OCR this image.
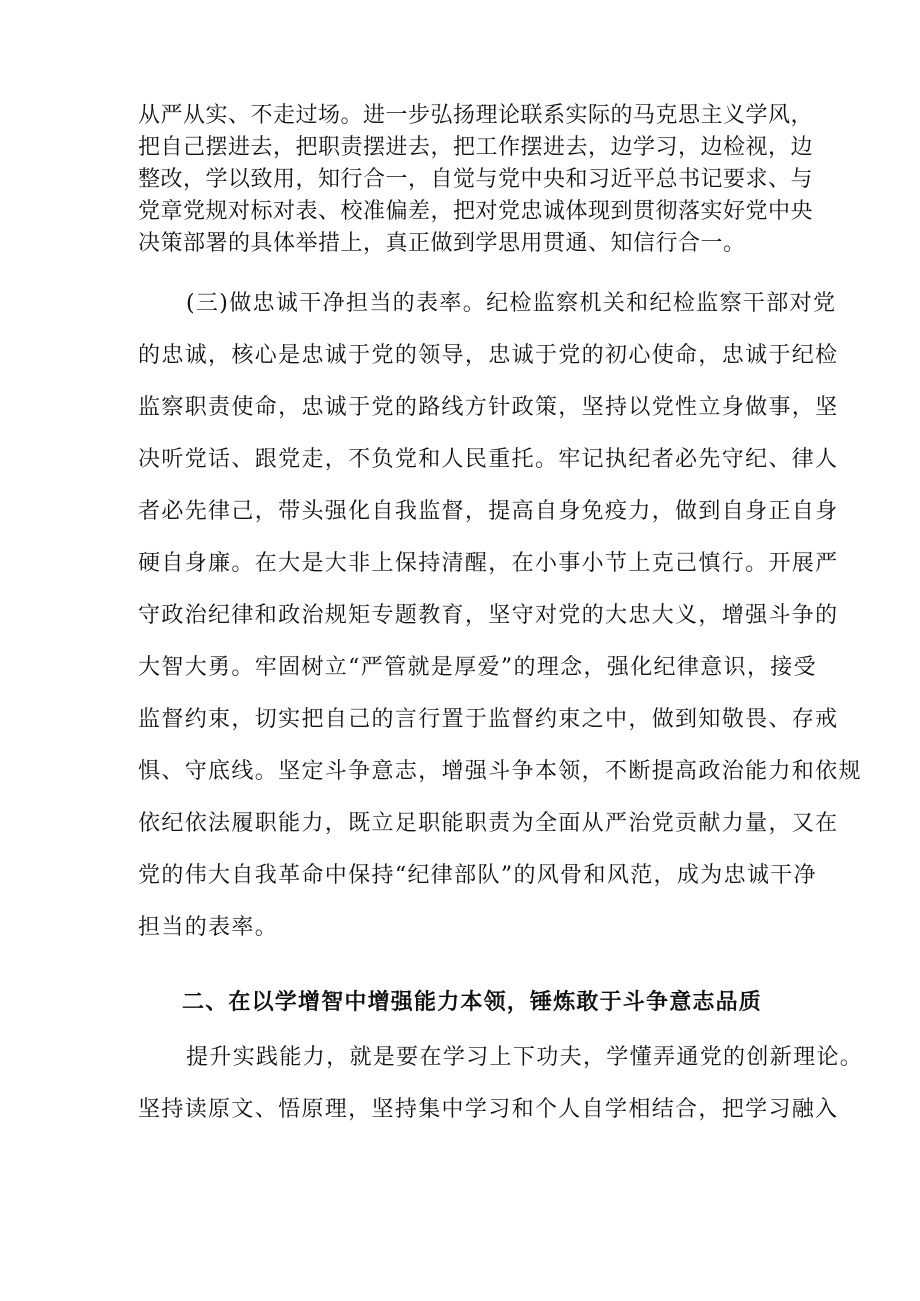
从严从实、不走过场。进一步弘扬理论联系实际的马克思主义学风，
把自己摆进去，把职责摆进去，把工作摆进去，边学习，边检视，边
整改，学以致用，知行合一，自觉与党中央和习近平总书记要求、与
党章党规对标对表、校准偏差，把对党忠诚体现到贯彻落实好党中央
决策部署的具体举措上，真正做到学思用贯通、知信行合一。
(三)做忠诚干净担当的表率。纪检监察机关和纪检监察干部对党
的忠诚，核心是忠诚于党的领导，忠诚于党的初心使命，忠诚于纪检
监察职责使命，忠诚于党的路线方针政策，坚持以党性立身做事，坚
决听党话、跟党走，不负党和人民重托。牢记执纪者必先守纪、律人
者必先律己，带头强化自我监督，提高自身免疫力，做到自身正自身
硬自身廉。在大是大非上保持清醒，在小事小节上克己慎行。开展严
守政治纪律和政治规矩专题教育，坚守对党的大忠大义，增强斗争的
大智大勇。牢固树立“严管就是厚爱”的理念，强化纪律意识，接受
监督约束，切实把自己的言行置于监督约束之中，做到知敬畏、存戒
惧、守底线。坚定斗争意志，增强斗争本领，不断提高政治能力和依规
依纪依法履职能力，既立足职能职责为全面从严治党贡献力量，又在
党的伟大自我革命中保持“纪律部队”的风骨和风范，成为忠诚干净
担当的表率。
二、在以学增智中增强能力本领，锤炼敢于斗争意志品质
提升实践能力，就是要在学习上下功夫，学懂弄通党的创新理论。
坚持读原文、悟原理，坚持集中学习和个人自学相结合，把学习融入
